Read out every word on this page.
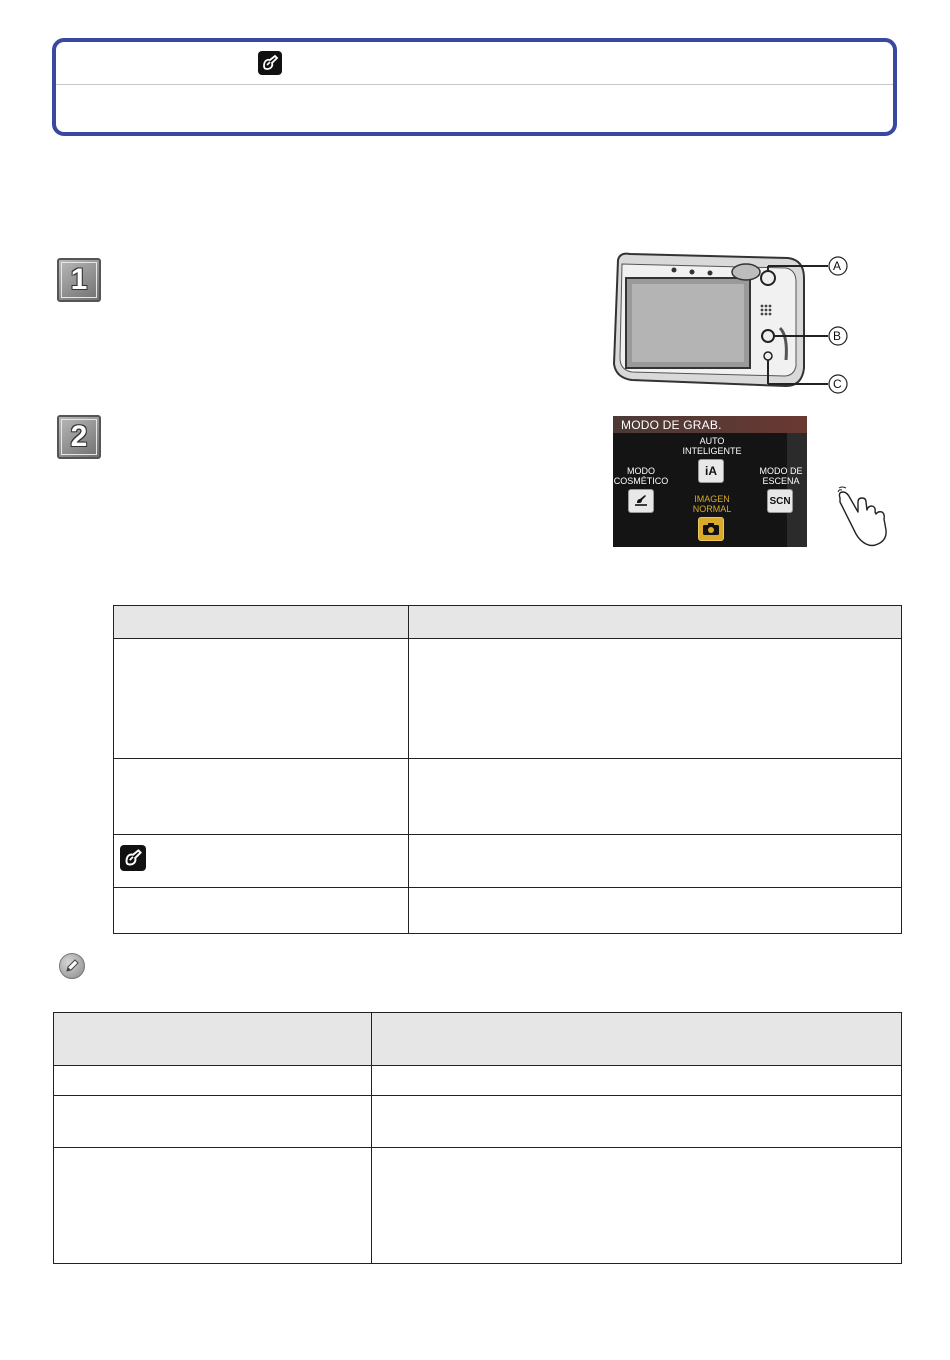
1	A
B
C
2	MODO DE GRAB.
AUTO
INTELIGENTE
iA
MODO
COSMÉTICO
MODO DE
ESCENA
SCN
IMAGEN
NORMAL
